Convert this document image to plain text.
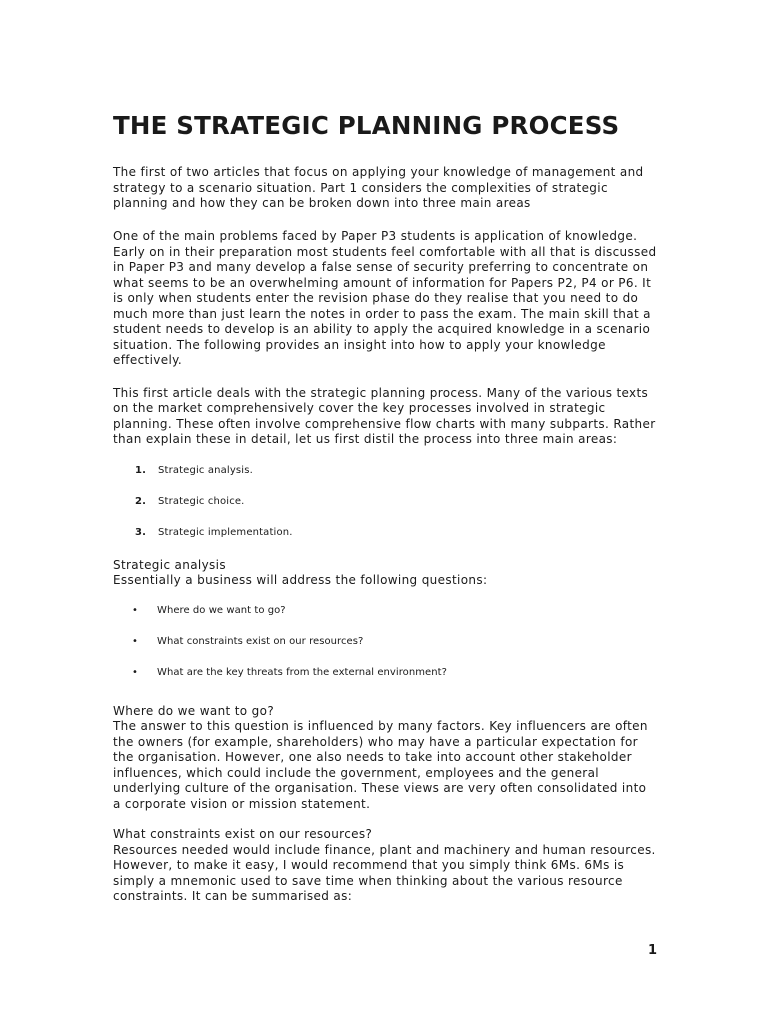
THE STRATEGIC PLANNING PROCESS

The first of two articles that focus on applying your knowledge of management and strategy to a scenario situation. Part 1 considers the complexities of strategic planning and how they can be broken down into three main areas

One of the main problems faced by Paper P3 students is application of knowledge. Early on in their preparation most students feel comfortable with all that is discussed in Paper P3 and many develop a false sense of security preferring to concentrate on what seems to be an overwhelming amount of information for Papers P2, P4 or P6. It is only when students enter the revision phase do they realise that you need to do much more than just learn the notes in order to pass the exam. The main skill that a student needs to develop is an ability to apply the acquired knowledge in a scenario situation. The following provides an insight into how to apply your knowledge effectively.

This first article deals with the strategic planning process. Many of the various texts on the market comprehensively cover the key processes involved in strategic planning. These often involve comprehensive flow charts with many subparts. Rather than explain these in detail, let us first distil the process into three main areas:

1.	Strategic analysis.
2.	Strategic choice.
3.	Strategic implementation.

Strategic analysis

Essentially a business will address the following questions:

•	Where do we want to go?
•	What constraints exist on our resources?
•	What are the key threats from the external environment?

Where do we want to go?

The answer to this question is influenced by many factors. Key influencers are often the owners (for example, shareholders) who may have a particular expectation for the organisation. However, one also needs to take into account other stakeholder influences, which could include the government, employees and the general underlying culture of the organisation. These views are very often consolidated into a corporate vision or mission statement.

What constraints exist on our resources?

Resources needed would include finance, plant and machinery and human resources. However, to make it easy, I would recommend that you simply think 6Ms. 6Ms is simply a mnemonic used to save time when thinking about the various resource constraints. It can be summarised as:

1
